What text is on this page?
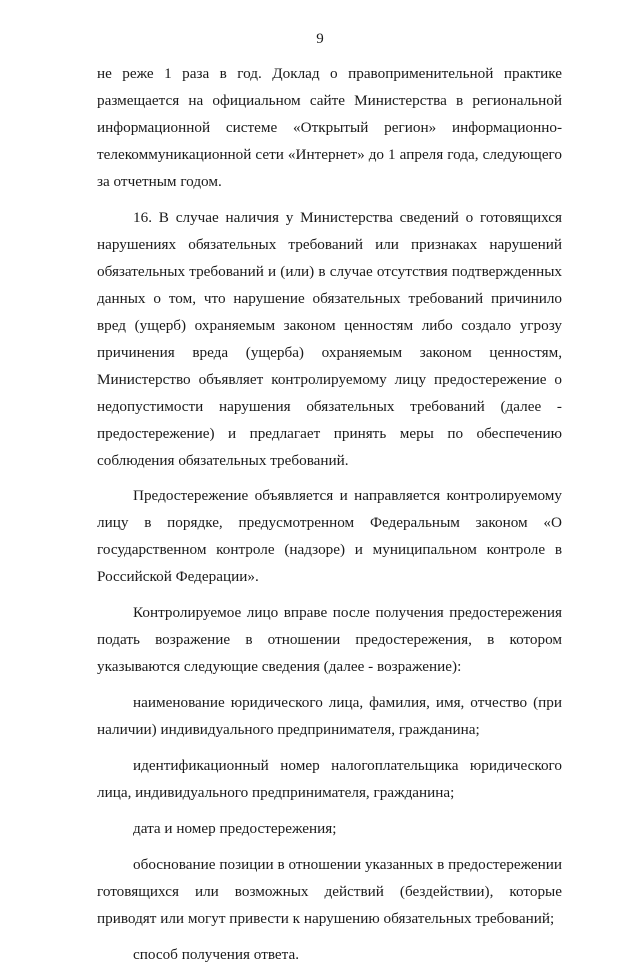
9

не реже 1 раза в год. Доклад о правоприменительной практике размещается на официальном сайте Министерства в региональной информационной системе «Открытый регион» информационно-телекоммуникационной сети «Интернет» до 1 апреля года, следующего за отчетным годом.

16. В случае наличия у Министерства сведений о готовящихся нарушениях обязательных требований или признаках нарушений обязательных требований и (или) в случае отсутствия подтвержденных данных о том, что нарушение обязательных требований причинило вред (ущерб) охраняемым законом ценностям либо создало угрозу причинения вреда (ущерба) охраняемым законом ценностям, Министерство объявляет контролируемому лицу предостережение о недопустимости нарушения обязательных требований (далее - предостережение) и предлагает принять меры по обеспечению соблюдения обязательных требований.

Предостережение объявляется и направляется контролируемому лицу в порядке, предусмотренном Федеральным законом «О государственном контроле (надзоре) и муниципальном контроле в Российской Федерации».

Контролируемое лицо вправе после получения предостережения подать возражение в отношении предостережения, в котором указываются следующие сведения (далее - возражение):

наименование юридического лица, фамилия, имя, отчество (при наличии) индивидуального предпринимателя, гражданина;

идентификационный номер налогоплательщика юридического лица, индивидуального предпринимателя, гражданина;

дата и номер предостережения;

обоснование позиции в отношении указанных в предостережении готовящихся или возможных действий (бездействии), которые приводят или могут привести к нарушению обязательных требований;

способ получения ответа.
